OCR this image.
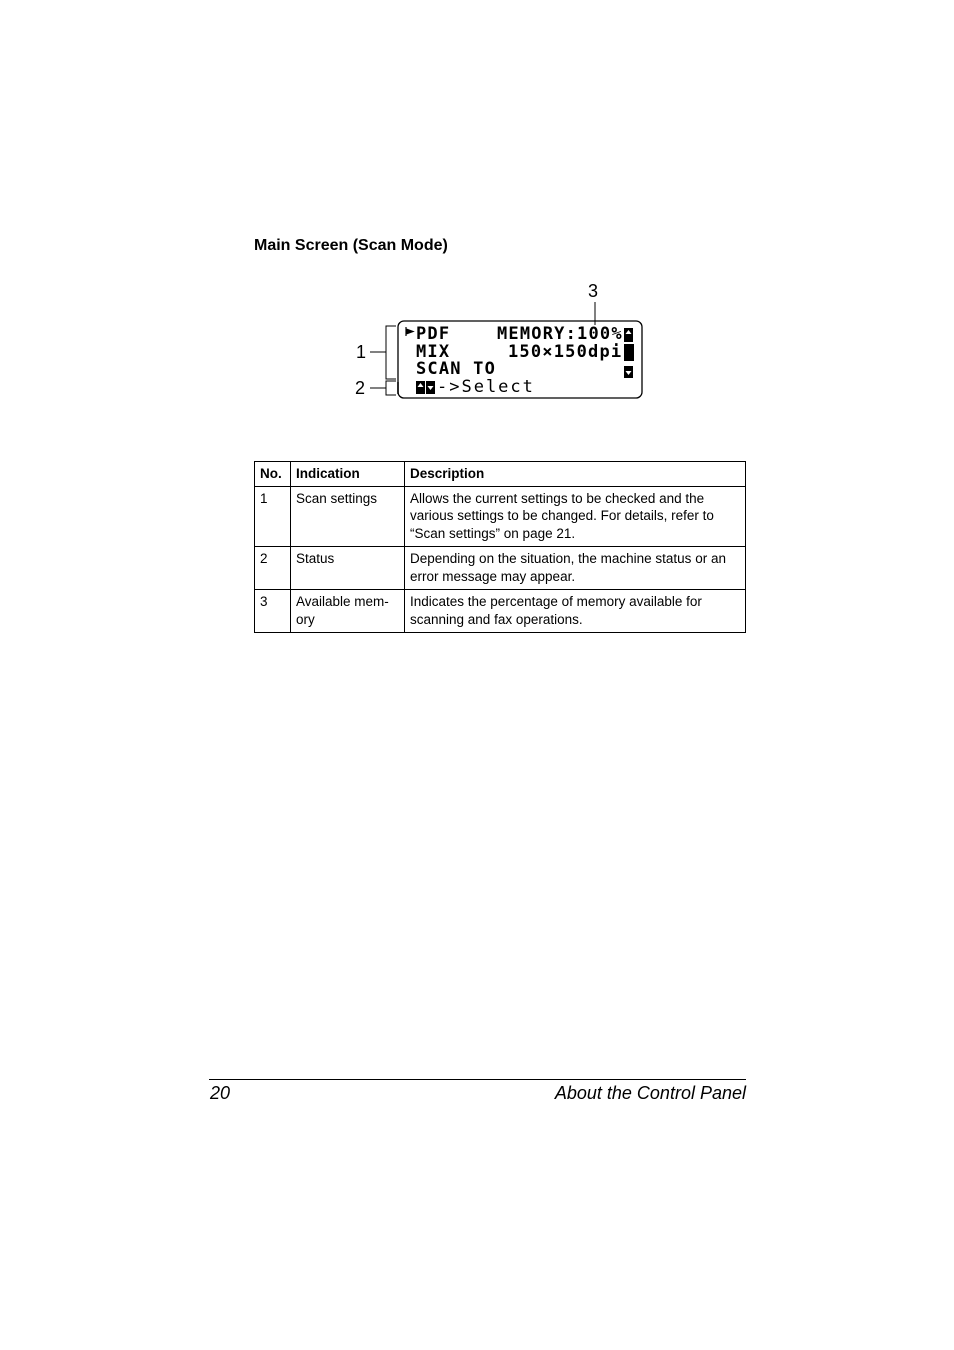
Main Screen (Scan Mode)
PDF	MEMORY:100%
MIX	150×150dpi
SCAN TO
->Select
1
2
3
No.	Indication	Description
1	Scan settings	Allows the current settings to be checked and the various settings to be changed. For details, refer to “Scan settings” on page 21.
2	Status	Depending on the situation, the machine status or an error message may appear.
3	Available mem-ory	Indicates the percentage of memory available for scanning and fax operations.
20	About the Control Panel
